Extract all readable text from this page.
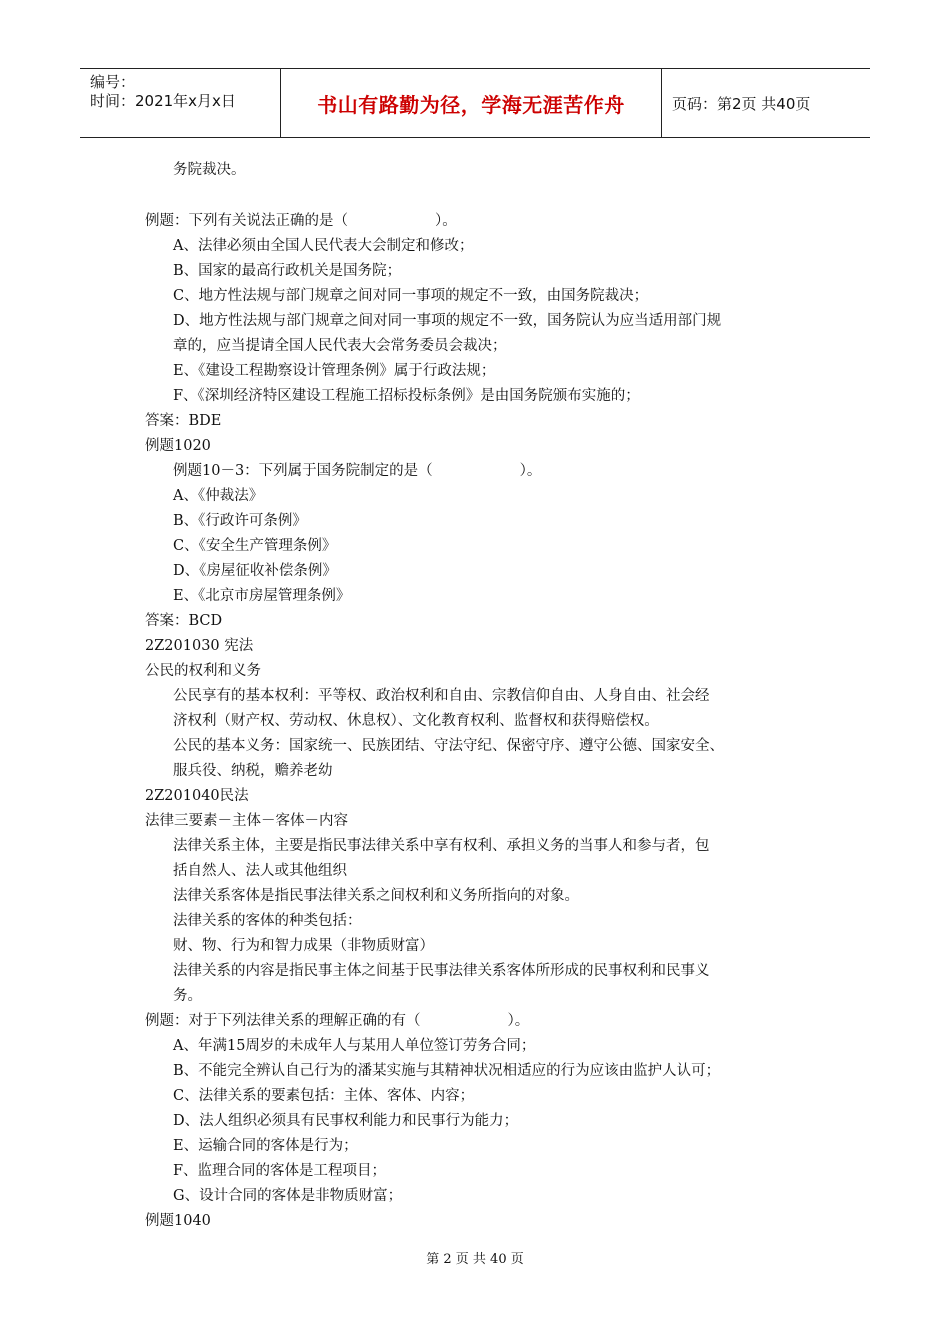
编号：
时间：2021年x月x日	书山有路勤为径，学海无涯苦作舟	页码：第2页 共40页
务院裁决。
例题：下列有关说法正确的是（　　　　　　）。
A、法律必须由全国人民代表大会制定和修改；
B、国家的最高行政机关是国务院；
C、地方性法规与部门规章之间对同一事项的规定不一致，由国务院裁决；
D、地方性法规与部门规章之间对同一事项的规定不一致，国务院认为应当适用部门规
章的，应当提请全国人民代表大会常务委员会裁决；
E、《建设工程勘察设计管理条例》属于行政法规；
F、《深圳经济特区建设工程施工招标投标条例》是由国务院颁布实施的；
答案：BDE
例题1020
例题10－3：下列属于国务院制定的是（　　　　　　）。
A、《仲裁法》
B、《行政许可条例》
C、《安全生产管理条例》
D、《房屋征收补偿条例》
E、《北京市房屋管理条例》
答案：BCD
2Z201030 宪法
公民的权利和义务
公民享有的基本权利：平等权、政治权利和自由、宗教信仰自由、人身自由、社会经
济权利（财产权、劳动权、休息权）、文化教育权利、监督权和获得赔偿权。
公民的基本义务：国家统一、民族团结、守法守纪、保密守序、遵守公德、国家安全、
服兵役、纳税，赡养老幼
2Z201040民法
法律三要素－主体－客体－内容
法律关系主体，主要是指民事法律关系中享有权利、承担义务的当事人和参与者，包
括自然人、法人或其他组织
法律关系客体是指民事法律关系之间权利和义务所指向的对象。
法律关系的客体的种类包括：
财、物、行为和智力成果（非物质财富）
法律关系的内容是指民事主体之间基于民事法律关系客体所形成的民事权利和民事义
务。
例题：对于下列法律关系的理解正确的有（　　　　　　）。
A、年满15周岁的未成年人与某用人单位签订劳务合同；
B、不能完全辨认自己行为的潘某实施与其精神状况相适应的行为应该由监护人认可；
C、法律关系的要素包括：主体、客体、内容；
D、法人组织必须具有民事权利能力和民事行为能力；
E、运输合同的客体是行为；
F、监理合同的客体是工程项目；
G、设计合同的客体是非物质财富；
例题1040
第 2 页 共 40 页
